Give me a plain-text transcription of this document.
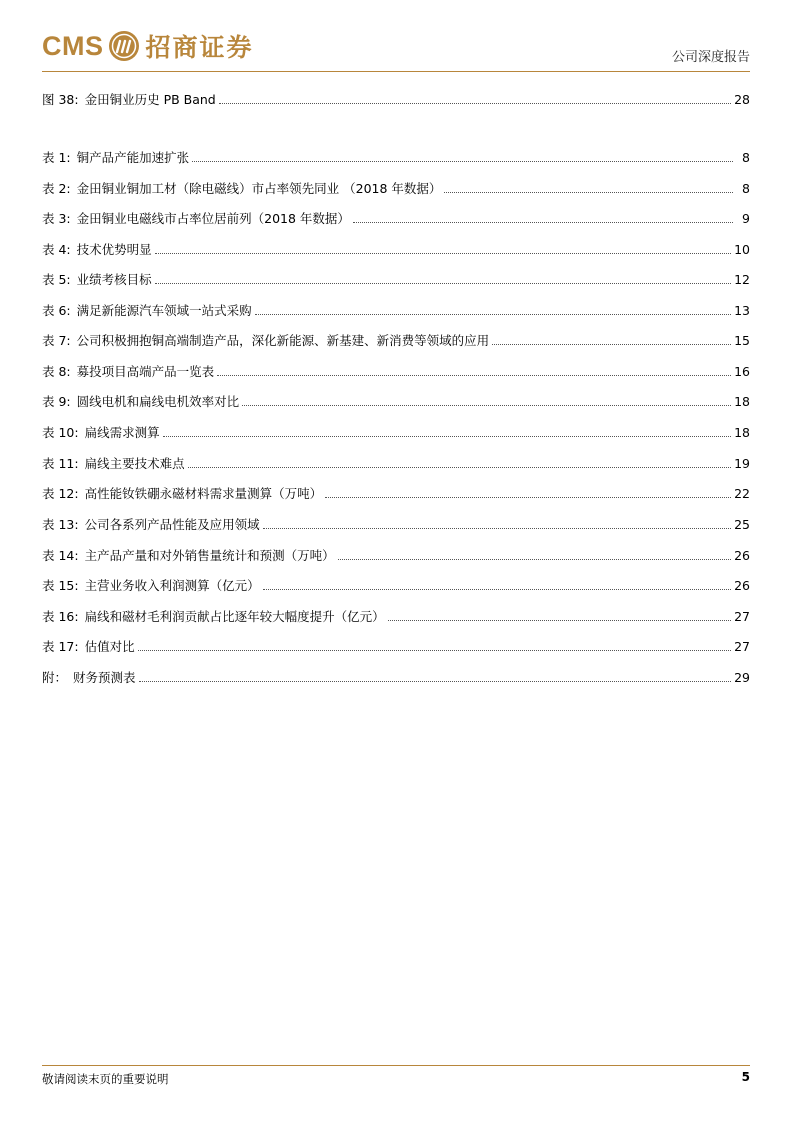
CMS 招商证券	公司深度报告
图 38: 金田铜业历史 PB Band	28
表 1: 铜产品产能加速扩张	8
表 2: 金田铜业铜加工材（除电磁线）市占率领先同业 （2018 年数据）	8
表 3: 金田铜业电磁线市占率位居前列（2018 年数据）	9
表 4: 技术优势明显	10
表 5: 业绩考核目标	12
表 6: 满足新能源汽车领域一站式采购	13
表 7: 公司积极拥抱铜高端制造产品，深化新能源、新基建、新消费等领域的应用	15
表 8: 募投项目高端产品一览表	16
表 9: 圆线电机和扁线电机效率对比	18
表 10: 扁线需求测算	18
表 11: 扁线主要技术难点	19
表 12: 高性能钕铁硼永磁材料需求量测算（万吨）	22
表 13: 公司各系列产品性能及应用领域	25
表 14: 主产品产量和对外销售量统计和预测（万吨）	26
表 15: 主营业务收入利润测算（亿元）	26
表 16: 扁线和磁材毛利润贡献占比逐年较大幅度提升（亿元）	27
表 17: 估值对比	27
附： 财务预测表	29
敬请阅读末页的重要说明	5
